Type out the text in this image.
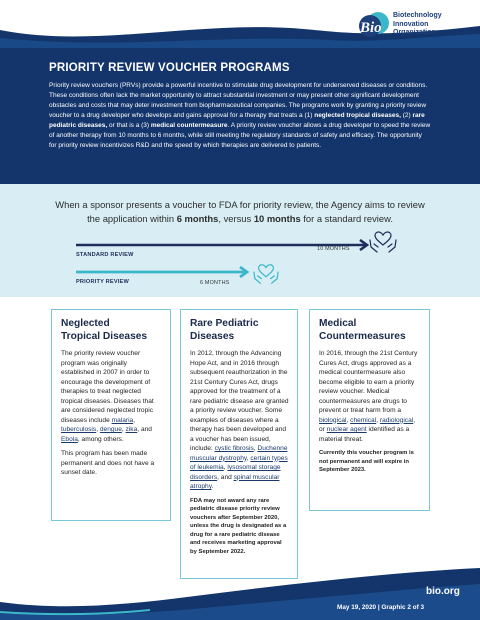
Bio
Biotechnology
Innovation
Organization
PRIORITY REVIEW VOUCHER PROGRAMS

Priority review vouchers (PRVs) provide a powerful incentive to stimulate drug development for underserved diseases or conditions. These conditions often lack the market opportunity to attract substantial investment or may present other significant development obstacles and costs that may deter investment from biopharmaceutical companies. The programs work by granting a priority review voucher to a drug developer who develops and gains approval for a therapy that treats a (1) neglected tropical diseases, (2) rare pediatric diseases, or that is a (3) medical countermeasure. A priority review voucher allows a drug developer to speed the review of another therapy from 10 months to 6 months, while still meeting the regulatory standards of safety and efficacy. The opportunity for priority review incentivizes R&D and the speed by which therapies are delivered to patients.

When a sponsor presents a voucher to FDA for priority review, the Agency aims to review the application within 6 months, versus 10 months for a standard review.
STANDARD REVIEW
10 MONTHS
PRIORITY REVIEW	6 MONTHS
Neglected
Tropical Diseases

The priority review voucher program was originally established in 2007 in order to encourage the development of therapies to treat neglected tropical diseases. Diseases that are considered neglected tropic diseases include malaria, tuberculosis, dengue, zika, and Ebola, among others.

This program has been made permanent and does not have a sunset date.

Rare Pediatric Diseases

In 2012, through the Advancing Hope Act, and in 2016 through subsequent reauthorization in the 21st Century Cures Act, drugs approved for the treatment of a rare pediatric disease are granted a priority review voucher. Some examples of diseases where a therapy has been developed and a voucher has been issued, include: cystic fibrosis, Duchenne muscular dystrophy, certain types of leukemia, lysosomal storage disorders, and spinal muscular atrophy.

FDA may not award any rare pediatric disease priority review vouchers after September 2020, unless the drug is designated as a drug for a rare pediatric disease and receives marketing approval by September 2022.

Medical
Countermeasures

In 2016, through the 21st Century Cures Act, drugs approved as a medical countermeasure also become eligible to earn a priority review voucher. Medical countermeasures are drugs to prevent or treat harm from a biological, chemical, radiological, or nuclear agent identified as a material threat.

Currently this voucher program is not permanent and will expire in September 2023.

bio.org
May 19, 2020 | Graphic 2 of 3
